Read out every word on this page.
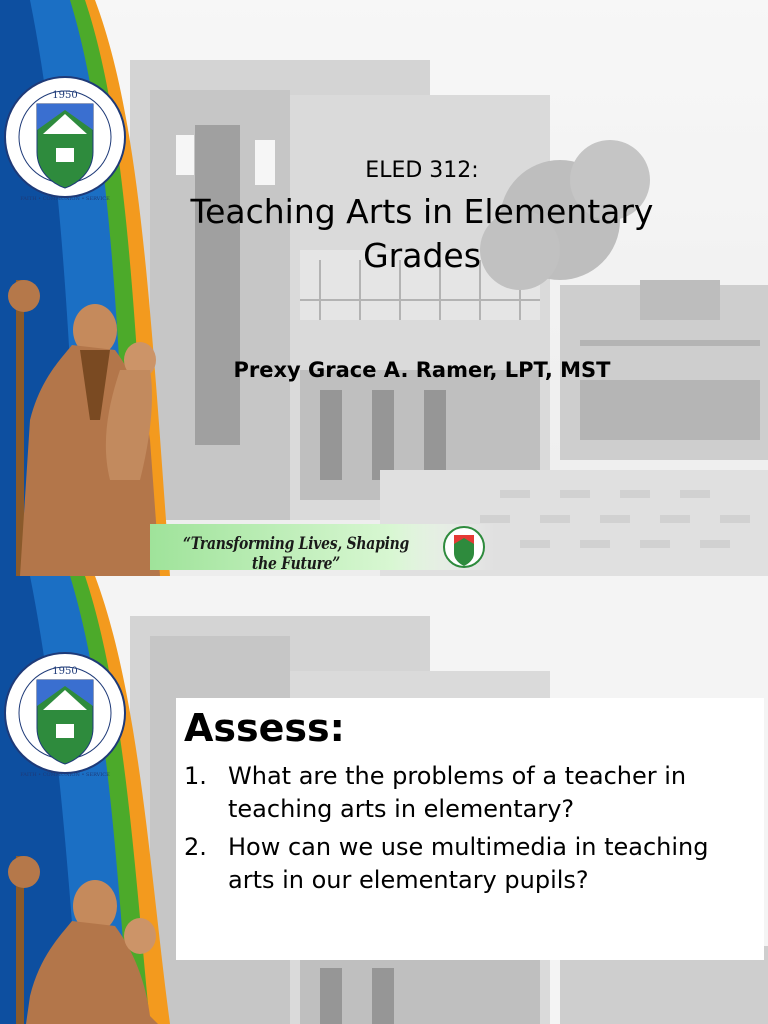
1950
FAITH • COMMUNION • SERVICE
ELED 312:
Teaching Arts in Elementary Grades
Prexy Grace A. Ramer, LPT, MST
“Transforming Lives, Shaping the Future”
1950
FAITH • COMMUNION • SERVICE
Assess:
1. What are the problems of a teacher in teaching arts in elementary?
2. How can we use multimedia in teaching arts in our elementary pupils?
